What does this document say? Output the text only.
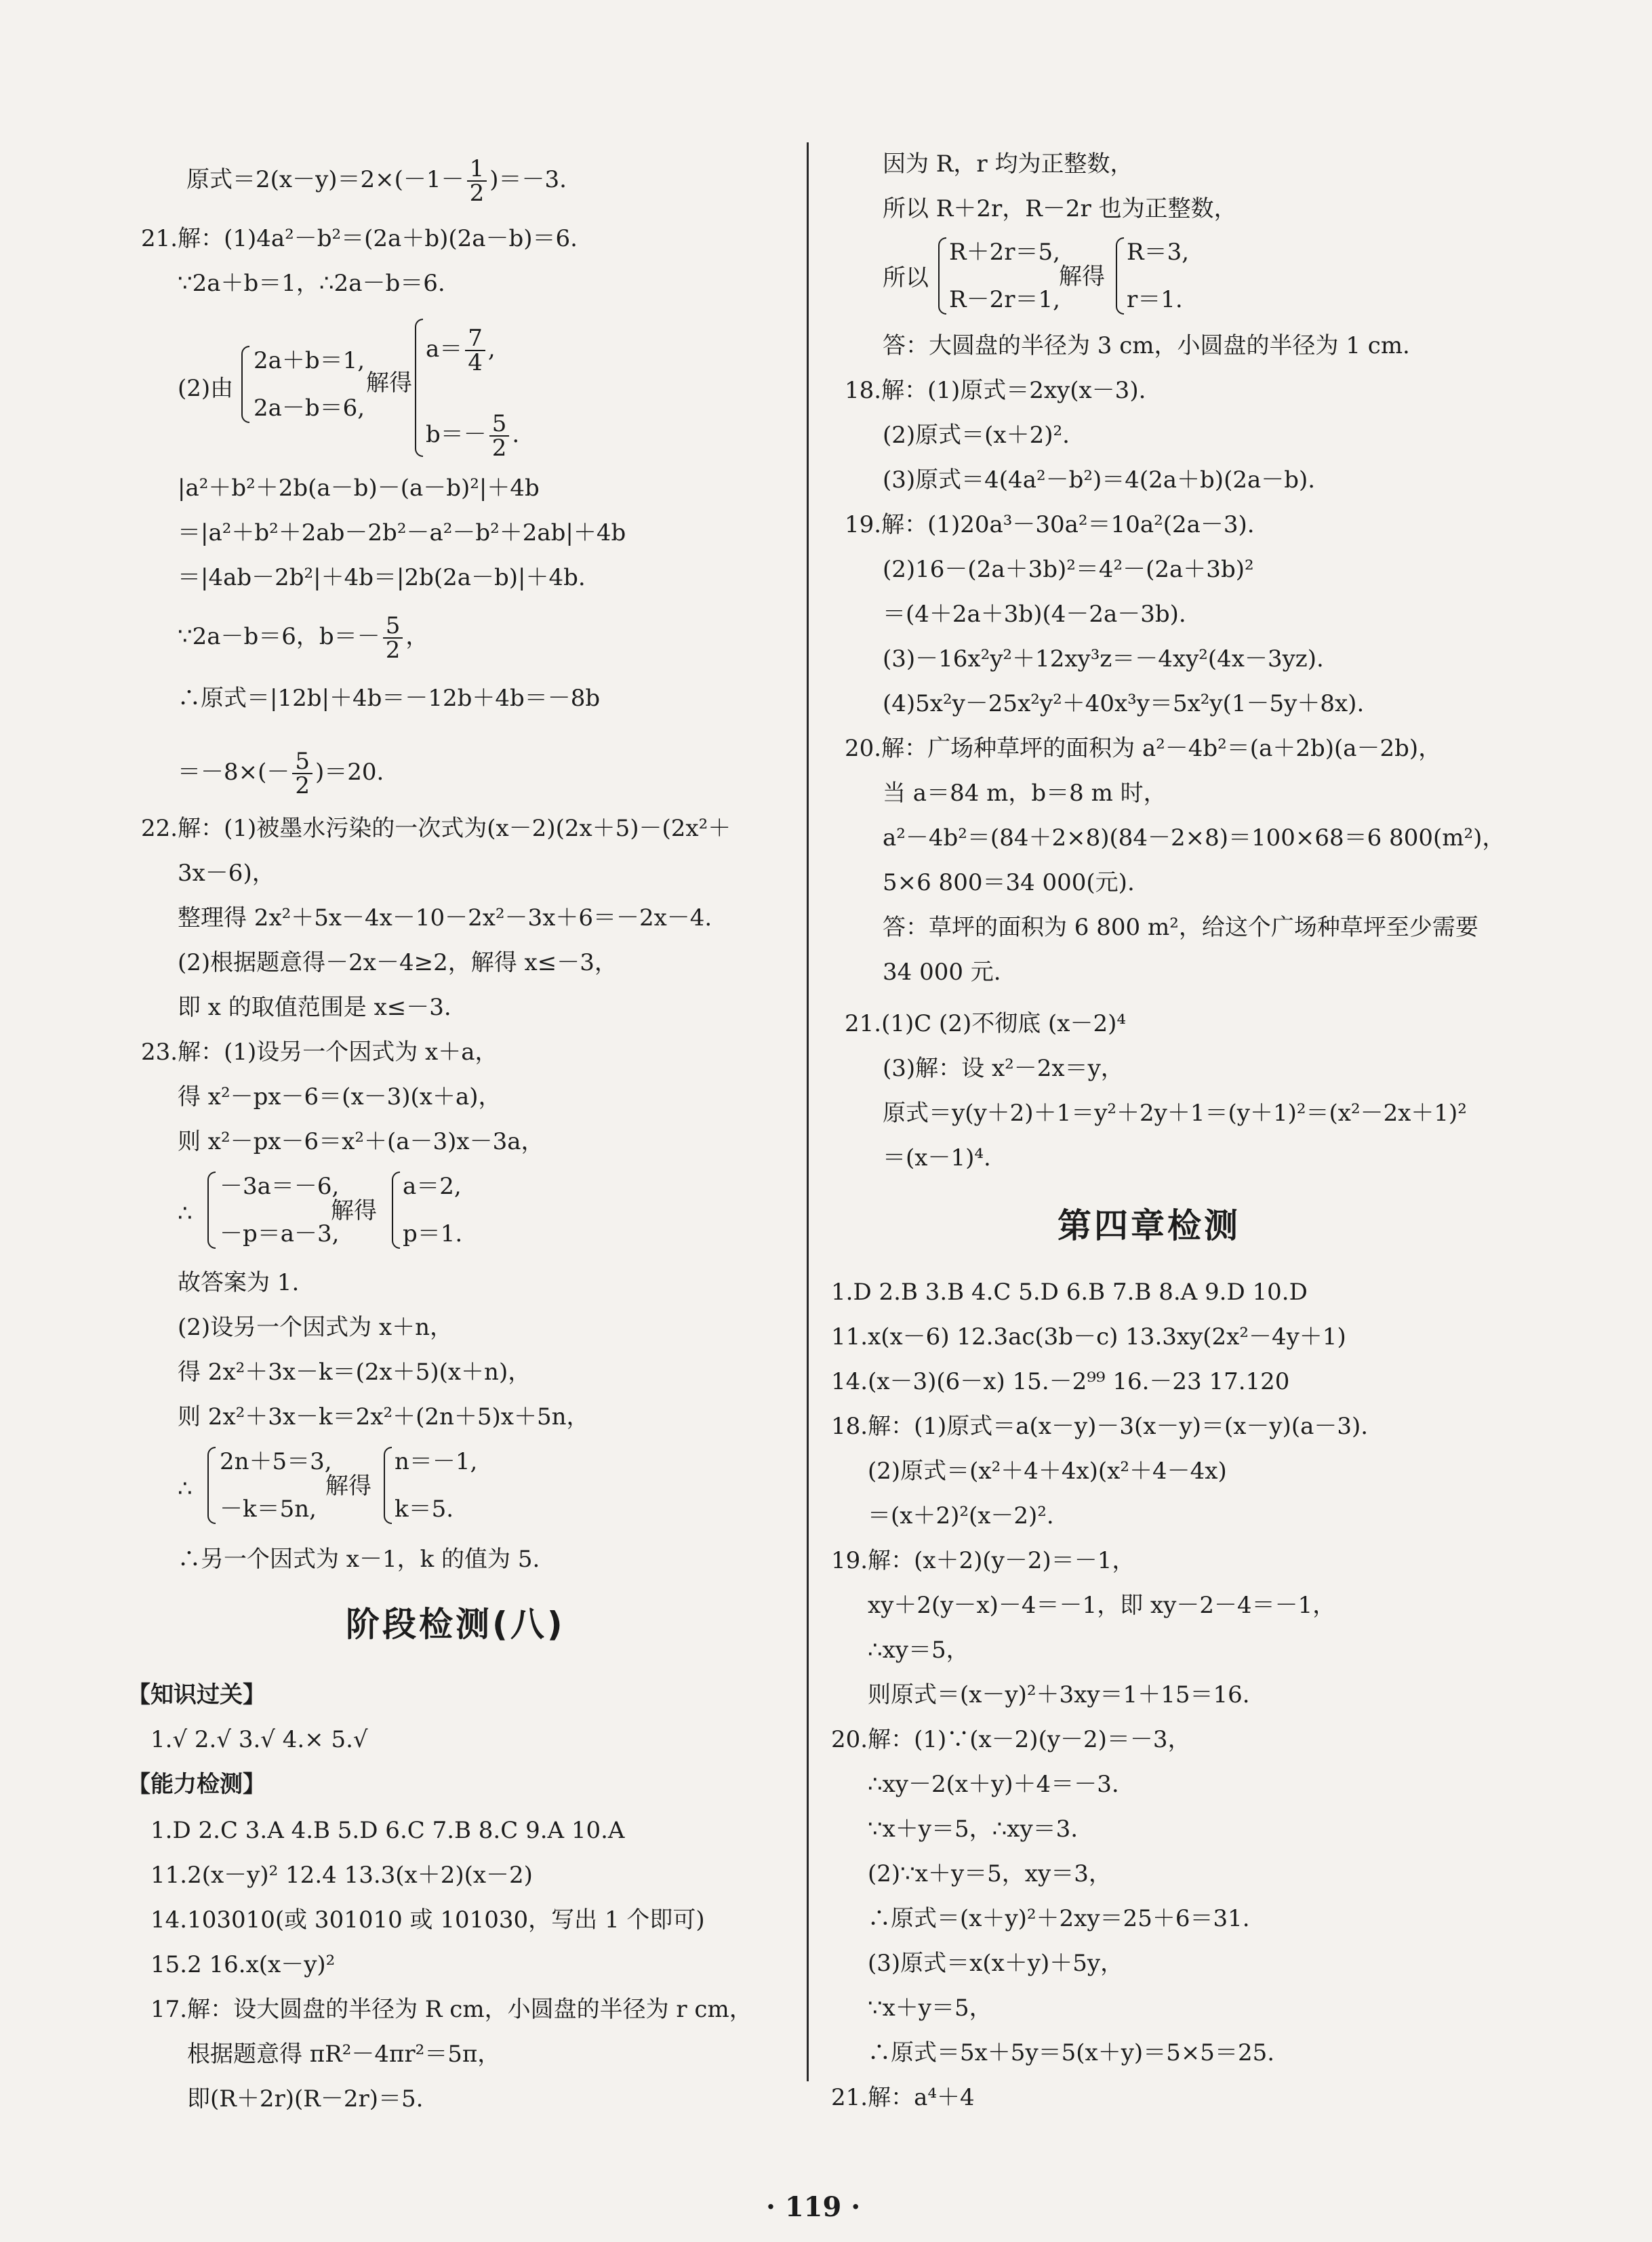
原式$=2(x-y)=2\times(-1- \frac{1}{2} )=-3$.
21.解：(1)4a²－b²＝(2a＋b)(2a－b)＝6.
∵2a＋b＝1，∴2a－b＝6.
(2)由
2a＋b＝1,
2a－b＝6,
解得
$a= \frac{7}{4}$ ,
$b=- \frac{5}{2}$ .
|a²＋b²＋2b(a－b)－(a－b)²|＋4b
＝|a²＋b²＋2ab－2b²－a²－b²＋2ab|＋4b
＝|4ab－2b²|＋4b＝|2b(2a－b)|＋4b.
∵2a－b＝6，$b=- \frac{5}{2}$ ，
∴原式＝|12b|＋4b＝－12b＋4b＝－8b
$=-8\times(- \frac{5}{2} )=20$.
22.解：(1)被墨水污染的一次式为(x－2)(2x＋5)－(2x²＋
3x－6)，
整理得 2x²＋5x－4x－10－2x²－3x＋6＝－2x－4.
(2)根据题意得－2x－4≥2，解得 x≤－3，
即 x 的取值范围是 x≤－3.
23.解：(1)设另一个因式为 x＋a，
得 x²－px－6＝(x－3)(x＋a)，
则 x²－px－6＝x²＋(a－3)x－3a，
∴
－3a＝－6,
－p＝a－3,
解得
a＝2,
p＝1.
故答案为 1.
(2)设另一个因式为 x＋n，
得 2x²＋3x－k＝(2x＋5)(x＋n)，
则 2x²＋3x－k＝2x²＋(2n＋5)x＋5n，
∴
2n＋5＝3,
－k＝5n,
解得
n＝－1,
k＝5.
∴另一个因式为 x－1，k 的值为 5.
阶段检测(八)
【知识过关】
1.√ 2.√ 3.√ 4.× 5.√
【能力检测】
1.D 2.C 3.A 4.B 5.D 6.C 7.B 8.C 9.A 10.A
11.2(x－y)² 12.4 13.3(x＋2)(x－2)
14.103010(或 301010 或 101030，写出 1 个即可)
15.2 16.x(x－y)²
17.解：设大圆盘的半径为 R cm，小圆盘的半径为 r cm，
根据题意得 πR²－4πr²＝5π，
即(R＋2r)(R－2r)＝5.
因为 R，r 均为正整数，
所以 R＋2r，R－2r 也为正整数，
所以
R＋2r＝5,
R－2r＝1,
解得
R＝3,
r＝1.
答：大圆盘的半径为 3 cm，小圆盘的半径为 1 cm.
18.解：(1)原式＝2xy(x－3).
(2)原式＝(x＋2)².
(3)原式＝4(4a²－b²)＝4(2a＋b)(2a－b).
19.解：(1)20a³－30a²＝10a²(2a－3).
(2)16－(2a＋3b)²＝4²－(2a＋3b)²
＝(4＋2a＋3b)(4－2a－3b).
(3)－16x²y²＋12xy³z＝－4xy²(4x－3yz).
(4)5x²y－25x²y²＋40x³y＝5x²y(1－5y＋8x).
20.解：广场种草坪的面积为 a²－4b²＝(a＋2b)(a－2b)，
当 a＝84 m，b＝8 m 时，
a²－4b²＝(84＋2×8)(84－2×8)＝100×68＝6 800(m²)，
5×6 800＝34 000(元).
答：草坪的面积为 6 800 m²，给这个广场种草坪至少需要
34 000 元.
21.(1)C (2)不彻底 (x－2)⁴
(3)解：设 x²－2x＝y，
原式＝y(y＋2)＋1＝y²＋2y＋1＝(y＋1)²＝(x²－2x＋1)²
＝(x－1)⁴.
第四章检测
1.D 2.B 3.B 4.C 5.D 6.B 7.B 8.A 9.D 10.D
11.x(x－6) 12.3ac(3b－c) 13.3xy(2x²－4y＋1)
14.(x－3)(6－x) 15.－2⁹⁹ 16.－23 17.120
18.解：(1)原式＝a(x－y)－3(x－y)＝(x－y)(a－3).
(2)原式＝(x²＋4＋4x)(x²＋4－4x)
＝(x＋2)²(x－2)².
19.解：(x＋2)(y－2)＝－1，
xy＋2(y－x)－4＝－1，即 xy－2－4＝－1，
∴xy＝5，
则原式＝(x－y)²＋3xy＝1＋15＝16.
20.解：(1)∵(x－2)(y－2)＝－3，
∴xy－2(x＋y)＋4＝－3.
∵x＋y＝5，∴xy＝3.
(2)∵x＋y＝5，xy＝3，
∴原式＝(x＋y)²＋2xy＝25＋6＝31.
(3)原式＝x(x＋y)＋5y，
∵x＋y＝5，
∴原式＝5x＋5y＝5(x＋y)＝5×5＝25.
21.解：a⁴＋4
· 119 ·
